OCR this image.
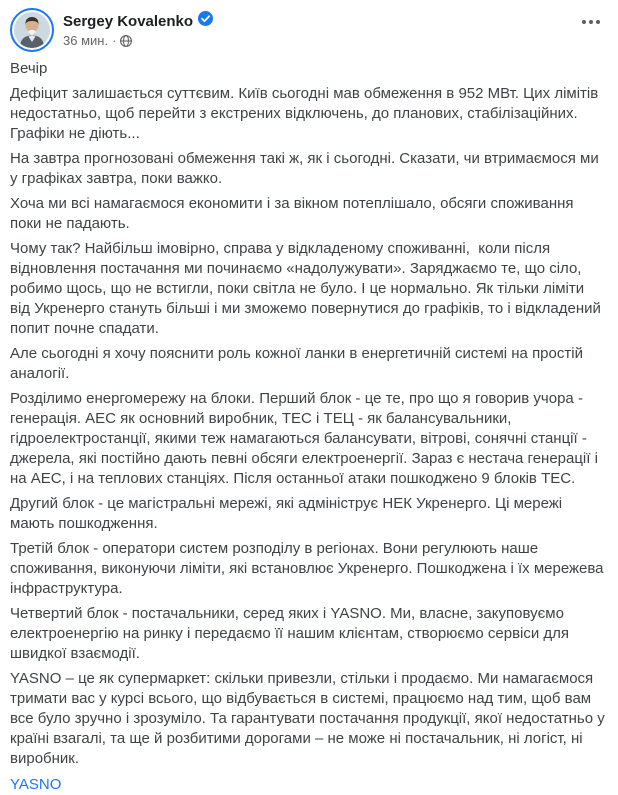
Sergey Kovalenko
36 мин. ·

Вечір

Дефіцит залишається суттєвим. Київ сьогодні мав обмеження в 952 МВт. Цих лімітів недостатньо, щоб перейти з екстрених відключень, до планових, стабілізаційних. Графіки не діють...

На завтра прогнозовані обмеження такі ж, як і сьогодні. Сказати, чи втримаємося ми у графіках завтра, поки важко.

Хоча ми всі намагаємося економити і за вікном потеплішало, обсяги споживання поки не падають.

Чому так? Найбільш імовірно, справа у відкладеному споживанні,  коли після відновлення постачання ми починаємо «надолужувати». Заряджаємо те, що сіло, робимо щось, що не встигли, поки світла не було. І це нормально. Як тільки ліміти від Укренерго стануть більші і ми зможемо повернутися до графіків, то і відкладений попит почне спадати.

Але сьогодні я хочу пояснити роль кожної ланки в енергетичній системі на простій аналогії.

Розділимо енергомережу на блоки. Перший блок - це те, про що я говорив учора - генерація. АЕС як основний виробник, ТЕС і ТЕЦ - як балансувальники, гідроелектростанції, якими теж намагаються балансувати, вітрові, сонячні станції - джерела, які постійно дають певні обсяги електроенергії. Зараз є нестача генерації і на АЕС, і на теплових станціях. Після останньої атаки пошкоджено 9 блоків ТЕС.

Другий блок - це магістральні мережі, які адмініструє НЕК Укренерго. Ці мережі мають пошкодження.

Третій блок - оператори систем розподілу в регіонах. Вони регулюють наше споживання, виконуючи ліміти, які встановлює Укренерго. Пошкоджена і їх мережева інфраструктура.

Четвертий блок - постачальники, серед яких і YASNO. Ми, власне, закуповуємо електроенергію на ринку і передаємо її нашим клієнтам, створюємо сервіси для швидкої взаємодії.

YASNO – це як супермаркет: скільки привезли, стільки і продаємо. Ми намагаємося тримати вас у курсі всього, що відбувається в системі, працюємо над тим, щоб вам все було зручно і зрозуміло. Та гарантувати постачання продукції, якої недостатньо у країні взагалі, та ще й розбитими дорогами – не може ні постачальник, ні логіст, ні виробник.

YASNO
